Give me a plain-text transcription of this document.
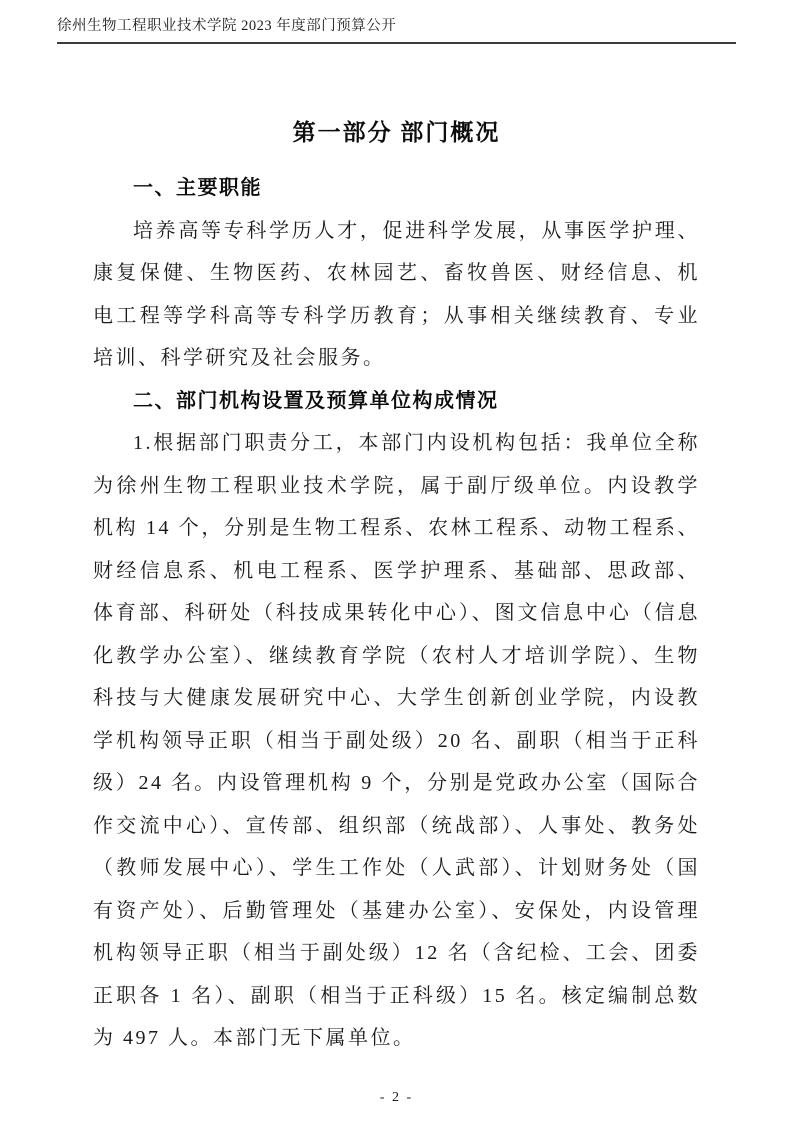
徐州生物工程职业技术学院 2023 年度部门预算公开
第一部分 部门概况
一、主要职能

培养高等专科学历人才，促进科学发展，从事医学护理、康复保健、生物医药、农林园艺、畜牧兽医、财经信息、机电工程等学科高等专科学历教育；从事相关继续教育、专业培训、科学研究及社会服务。

二、部门机构设置及预算单位构成情况

1.根据部门职责分工，本部门内设机构包括：我单位全称为徐州生物工程职业技术学院，属于副厅级单位。内设教学机构 14 个，分别是生物工程系、农林工程系、动物工程系、财经信息系、机电工程系、医学护理系、基础部、思政部、体育部、科研处（科技成果转化中心）、图文信息中心（信息化教学办公室）、继续教育学院（农村人才培训学院）、生物科技与大健康发展研究中心、大学生创新创业学院，内设教学机构领导正职（相当于副处级）20 名、副职（相当于正科级）24 名。内设管理机构 9 个，分别是党政办公室（国际合作交流中心）、宣传部、组织部（统战部）、人事处、教务处（教师发展中心）、学生工作处（人武部）、计划财务处（国有资产处）、后勤管理处（基建办公室）、安保处，内设管理机构领导正职（相当于副处级）12 名（含纪检、工会、团委正职各 1 名）、副职（相当于正科级）15 名。核定编制总数为 497 人。本部门无下属单位。

- 2 -
